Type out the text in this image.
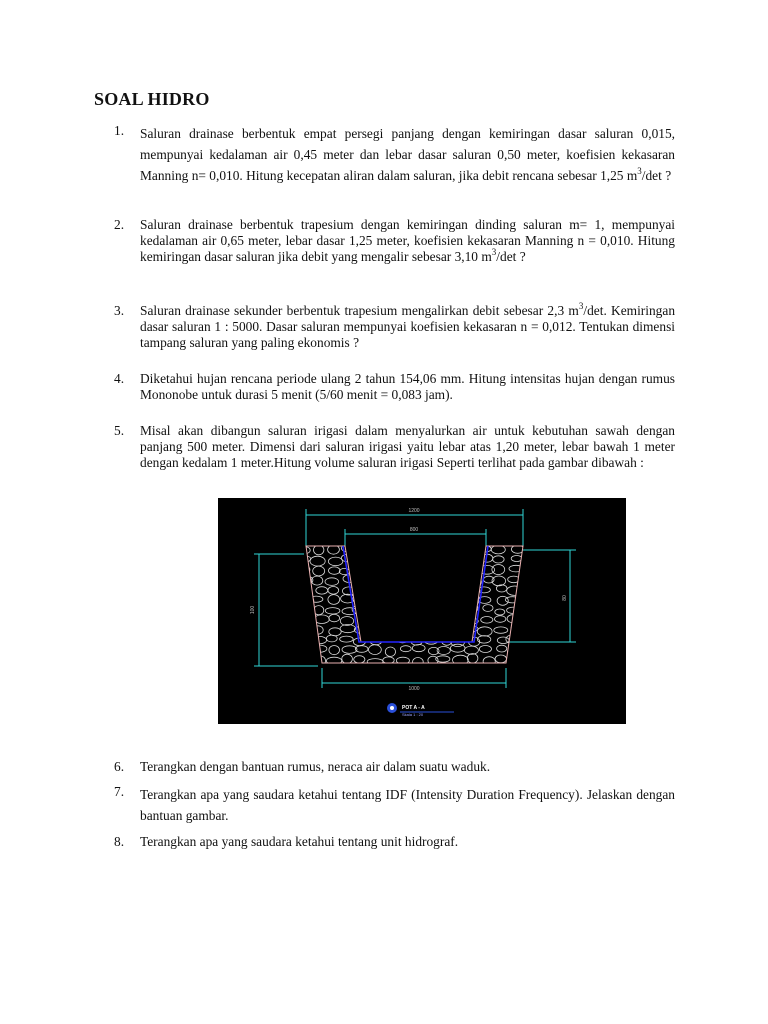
SOAL HIDRO
1.	Saluran drainase berbentuk empat persegi panjang dengan kemiringan dasar saluran 0,015, mempunyai kedalaman air 0,45 meter dan lebar dasar saluran 0,50 meter, koefisien kekasaran Manning n= 0,010. Hitung kecepatan aliran dalam saluran, jika debit rencana sebesar 1,25 $m^3/\det$ ?
2.	Saluran drainase berbentuk trapesium dengan kemiringan dinding saluran m= 1, mempunyai kedalaman air 0,65 meter, lebar dasar 1,25 meter, koefisien kekasaran Manning n = 0,010. Hitung kemiringan dasar saluran jika debit yang mengalir sebesar 3,10 $m^3/\det$ ?
3.	Saluran drainase sekunder berbentuk trapesium mengalirkan debit sebesar 2,3 $m^3/\det$. Kemiringan dasar saluran 1 : 5000. Dasar saluran mempunyai koefisien kekasaran n = 0,012. Tentukan dimensi tampang saluran yang paling ekonomis ?
4.	Diketahui hujan rencana periode ulang 2 tahun 154,06 mm. Hitung intensitas hujan dengan rumus Mononobe untuk durasi 5 menit (5/60 menit = 0,083 jam).
5.	Misal akan dibangun saluran irigasi dalam menyalurkan air untuk kebutuhan sawah dengan panjang 500 meter. Dimensi dari saluran irigasi yaitu lebar atas 1,20 meter, lebar bawah 1 meter dengan kedalam 1 meter.Hitung volume saluran irigasi Seperti terlihat pada gambar dibawah :
1200
800
100
80
1000
POT A - A
Skala 1 : 20
6.	Terangkan dengan bantuan rumus, neraca air dalam suatu waduk.
7.	Terangkan apa yang saudara ketahui tentang IDF (Intensity Duration Frequency). Jelaskan dengan bantuan gambar.
8.	Terangkan apa yang saudara ketahui tentang unit hidrograf.
